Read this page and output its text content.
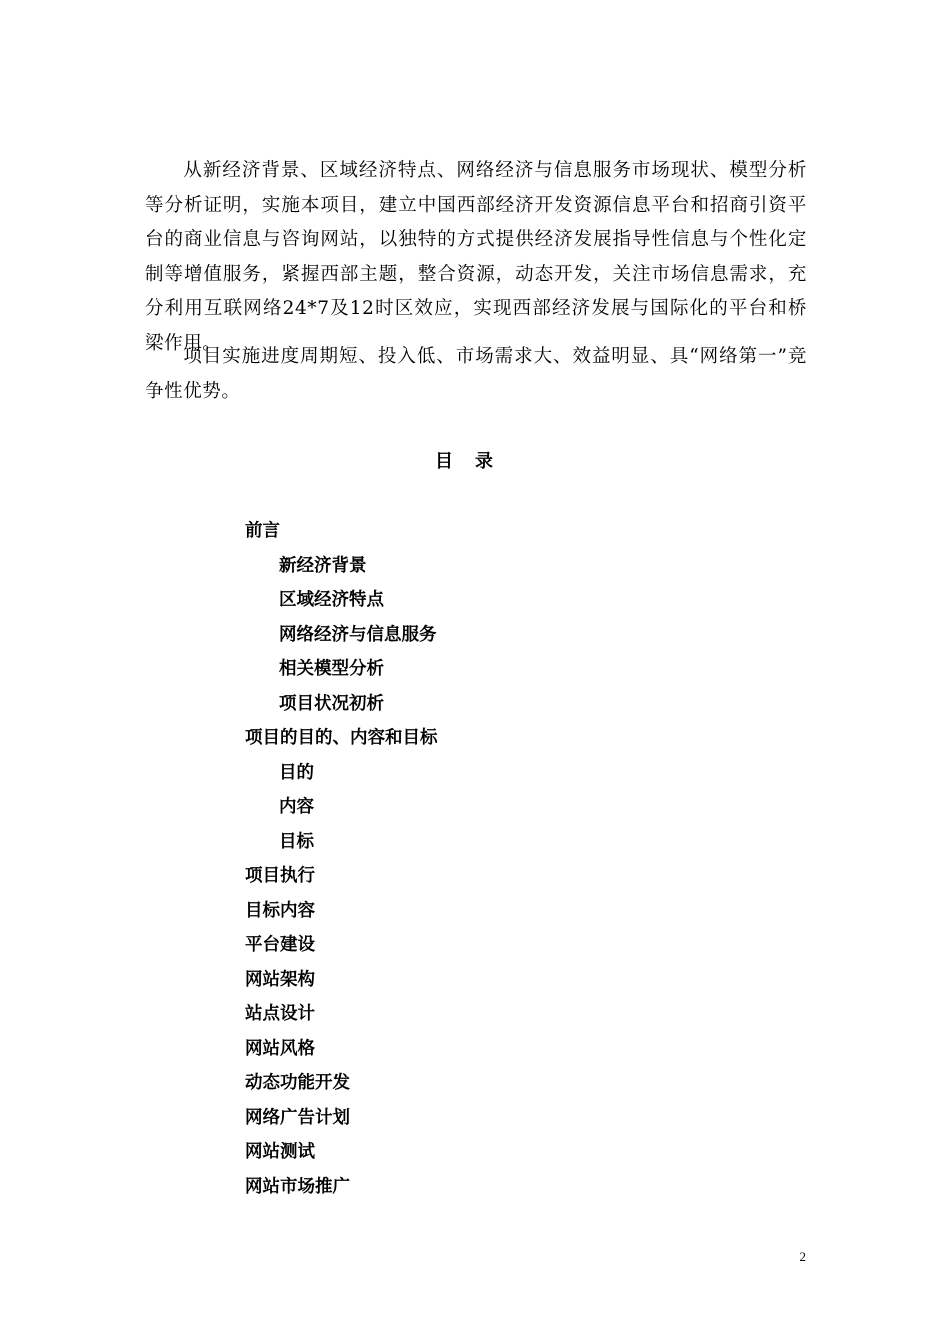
从新经济背景、区域经济特点、网络经济与信息服务市场现状、模型分析等分析证明，实施本项目，建立中国西部经济开发资源信息平台和招商引资平台的商业信息与咨询网站，以独特的方式提供经济发展指导性信息与个性化定制等增值服务，紧握西部主题，整合资源，动态开发，关注市场信息需求，充分利用互联网络24*7及12时区效应，实现西部经济发展与国际化的平台和桥梁作用。
项目实施进度周期短、投入低、市场需求大、效益明显、具“网络第一”竞争性优势。
目录
前言
新经济背景
区域经济特点
网络经济与信息服务
相关模型分析
项目状况初析
项目的目的、内容和目标
目的
内容
目标
项目执行
目标内容
平台建设
网站架构
站点设计
网站风格
动态功能开发
网络广告计划
网站测试
网站市场推广
2
